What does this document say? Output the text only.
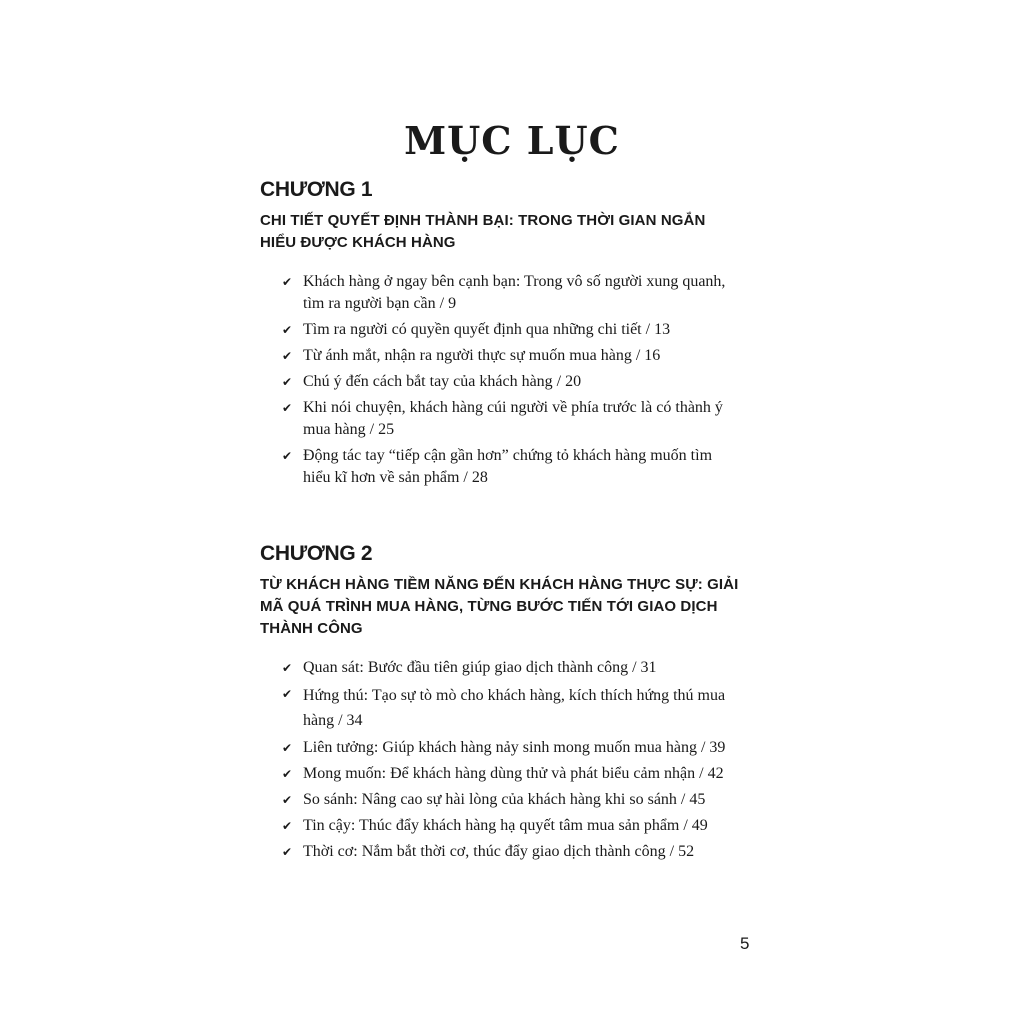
MỤC LỤC
CHƯƠNG 1
CHI TIẾT QUYẾT ĐỊNH THÀNH BẠI: TRONG THỜI GIAN NGẮN HIỂU ĐƯỢC KHÁCH HÀNG
✔ Khách hàng ở ngay bên cạnh bạn: Trong vô số người xung quanh, tìm ra người bạn cần / 9
✔ Tìm ra người có quyền quyết định qua những chi tiết / 13
✔ Từ ánh mắt, nhận ra người thực sự muốn mua hàng / 16
✔ Chú ý đến cách bắt tay của khách hàng / 20
✔ Khi nói chuyện, khách hàng cúi người về phía trước là có thành ý mua hàng / 25
✔ Động tác tay “tiếp cận gần hơn” chứng tỏ khách hàng muốn tìm hiểu kĩ hơn về sản phẩm / 28
CHƯƠNG 2
TỪ KHÁCH HÀNG TIỀM NĂNG ĐẾN KHÁCH HÀNG THỰC SỰ: GIẢI MÃ QUÁ TRÌNH MUA HÀNG, TỪNG BƯỚC TIẾN TỚI GIAO DỊCH THÀNH CÔNG
✔ Quan sát: Bước đầu tiên giúp giao dịch thành công / 31
✔ Hứng thú: Tạo sự tò mò cho khách hàng, kích thích hứng thú mua hàng / 34
✔ Liên tưởng: Giúp khách hàng nảy sinh mong muốn mua hàng / 39
✔ Mong muốn: Để khách hàng dùng thử và phát biểu cảm nhận / 42
✔ So sánh: Nâng cao sự hài lòng của khách hàng khi so sánh / 45
✔ Tin cậy: Thúc đẩy khách hàng hạ quyết tâm mua sản phẩm / 49
✔ Thời cơ: Nắm bắt thời cơ, thúc đẩy giao dịch thành công / 52
5
